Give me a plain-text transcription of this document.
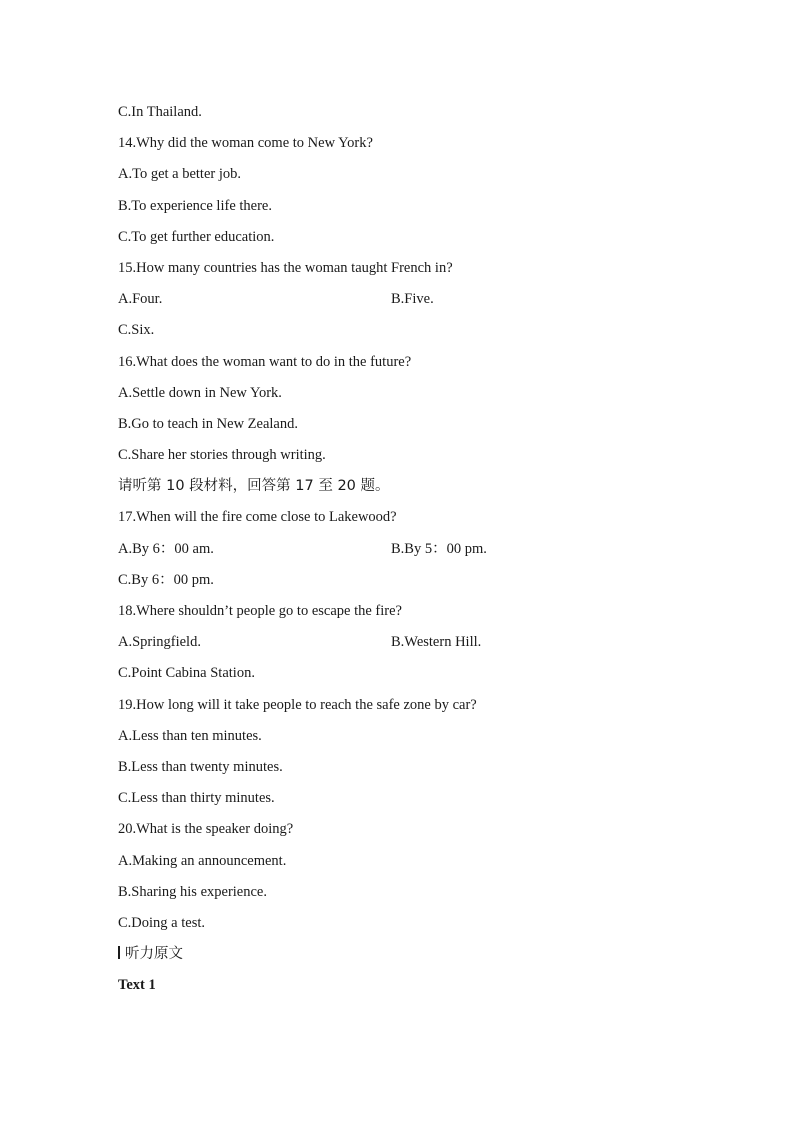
C.In Thailand.
14.Why did the woman come to New York?
A.To get a better job.
B.To experience life there.
C.To get further education.
15.How many countries has the woman taught French in?
A.Four.	B.Five.
C.Six.
16.What does the woman want to do in the future?
A.Settle down in New York.
B.Go to teach in New Zealand.
C.Share her stories through writing.
请听第 10 段材料，回答第 17 至 20 题。
17.When will the fire come close to Lakewood?
A.By 6：00 am.	B.By 5：00 pm.
C.By 6：00 pm.
18.Where shouldn’t people go to escape the fire?
A.Springfield.	B.Western Hill.
C.Point Cabina Station.
19.How long will it take people to reach the safe zone by car?
A.Less than ten minutes.
B.Less than twenty minutes.
C.Less than thirty minutes.
20.What is the speaker doing?
A.Making an announcement.
B.Sharing his experience.
C.Doing a test.
听力原文
Text 1
